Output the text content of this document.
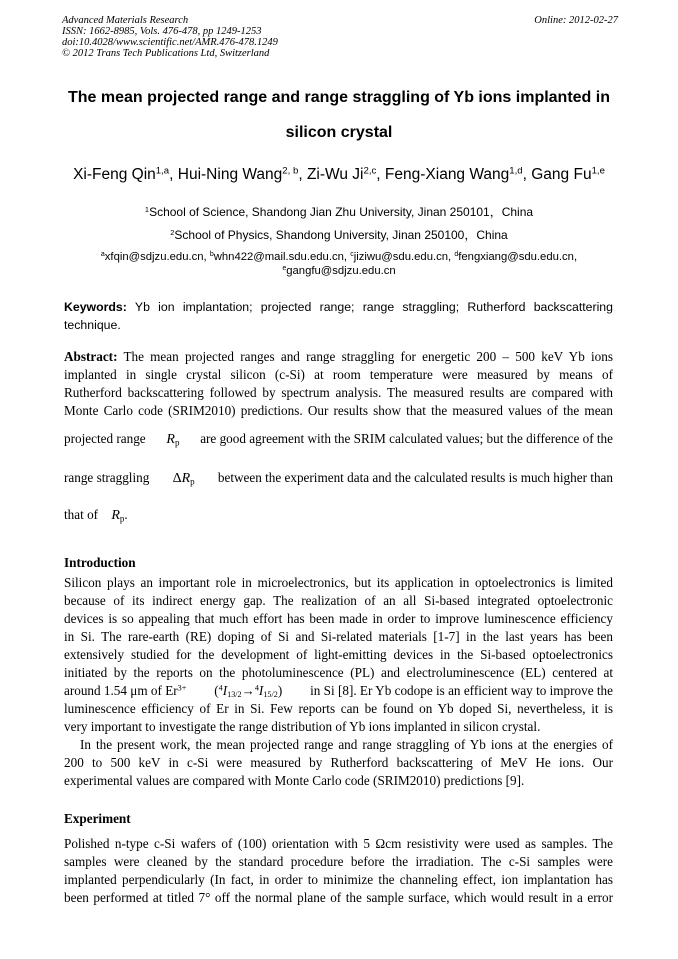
Advanced Materials Research
ISSN: 1662-8985, Vols. 476-478, pp 1249-1253
doi:10.4028/www.scientific.net/AMR.476-478.1249
© 2012 Trans Tech Publications Ltd, Switzerland
Online: 2012-02-27
The mean projected range and range straggling of Yb ions implanted in
silicon crystal
Xi-Feng Qin$^{1,a}$, Hui-Ning Wang$^{2, b}$, Zi-Wu Ji$^{2,c}$, Feng-Xiang Wang$^{1,d}$, Gang Fu$^{1,e}$
$^1$School of Science, Shandong Jian Zhu University, Jinan 250101，China
$^2$School of Physics, Shandong University, Jinan 250100，China
$^a$xfqin@sdjzu.edu.cn, $^b$whn422@mail.sdu.edu.cn, $^c$jiziwu@sdu.edu.cn, $^d$fengxiang@sdu.edu.cn,
$^e$gangfu@sdjzu.edu.cn
Keywords: Yb ion implantation; projected range; range straggling; Rutherford backscattering technique.
Abstract: The mean projected ranges and range straggling for energetic 200 – 500 keV Yb ions
implanted in single crystal silicon (c-Si) at room temperature were measured by means of
Rutherford backscattering followed by spectrum analysis. The measured results are compared with
Monte Carlo code (SRIM2010) predictions. Our results show that the measured values of the mean
projected range $R_p$ are good agreement with the SRIM calculated values; but the difference of the
range straggling $\Delta R_p$ between the experiment data and the calculated results is much higher than
that of $R_p$.
Introduction
Silicon plays an important role in microelectronics, but its application in optoelectronics is limited
because of its indirect energy gap. The realization of an all Si-based integrated optoelectronic
devices is so appealing that much effort has been made in order to improve luminescence efficiency
in Si. The rare-earth (RE) doping of Si and Si-related materials [1-7] in the last years has been
extensively studied for the development of light-emitting devices in the Si-based optoelectronics
initiated by the reports on the photoluminescence (PL) and electroluminescence (EL) centered at
around 1.54 μm of $Er^{3+}$ $(^4I_{13/2}\to^4I_{15/2})$ in Si [8]. Er Yb codope is an efficient way to improve the
luminescence efficiency of Er in Si. Few reports can be found on Yb doped Si, nevertheless, it is
very important to investigate the range distribution of Yb ions implanted in silicon crystal.
In the present work, the mean projected range and range straggling of Yb ions at the energies of
200 to 500 keV in c-Si were measured by Rutherford backscattering of MeV He ions. Our
experimental values are compared with Monte Carlo code (SRIM2010) predictions [9].
Experiment
Polished n-type c-Si wafers of (100) orientation with 5 Ωcm resistivity were used as samples. The
samples were cleaned by the standard procedure before the irradiation. The c-Si samples were
implanted perpendicularly (In fact, in order to minimize the channeling effect, ion implantation has
been performed at titled 7° off the normal plane of the sample surface, which would result in a error
